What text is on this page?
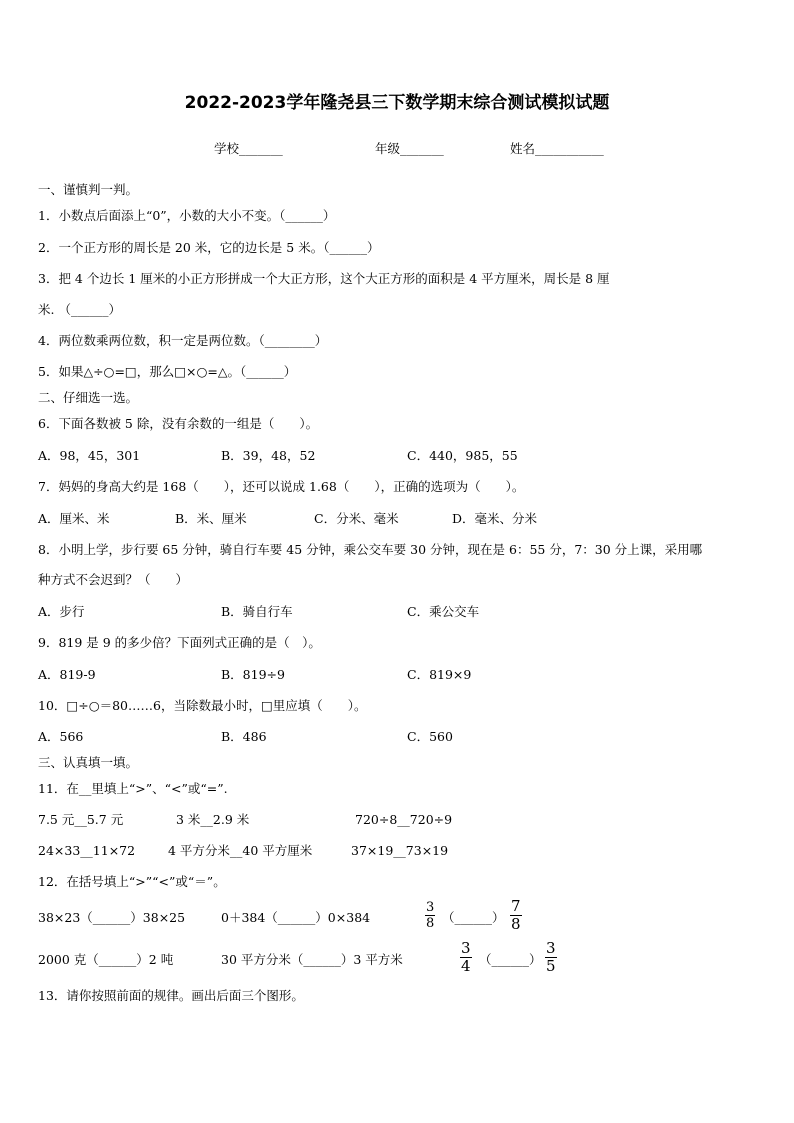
2022-2023学年隆尧县三下数学期末综合测试模拟试题
学校_______	年级_______	姓名___________
一、谨慎判一判。
1．小数点后面添上“0”，小数的大小不变。（______）
2．一个正方形的周长是 20 米，它的边长是 5 米。（______）
3．把 4 个边长 1 厘米的小正方形拼成一个大正方形，这个大正方形的面积是 4 平方厘米，周长是 8 厘
米. （______）
4．两位数乘两位数，积一定是两位数。（________）
5．如果△÷○=□，那么□×○=△。（______）
二、仔细选一选。
6．下面各数被 5 除，没有余数的一组是（　　）。
A．98，45，301	B．39，48，52	C．440，985，55
7．妈妈的身高大约是 168（　　），还可以说成 1.68（　　），正确的选项为（　　）。
A．厘米、米	B．米、厘米	C．分米、毫米	D．毫米、分米
8．小明上学，步行要 65 分钟，骑自行车要 45 分钟，乘公交车要 30 分钟，现在是 6：55 分，7：30 分上课，采用哪
种方式不会迟到？（　　）
A．步行	B．骑自行车	C．乘公交车
9．819 是 9 的多少倍？下面列式正确的是（　）。
A．819-9	B．819÷9	C．819×9
10．□÷○＝80……6，当除数最小时，□里应填（　　）。
A．566	B．486	C．560
三、认真填一填。
11．在__里填上“>”、“<”或“=”.
7.5 元__5.7 元	3 米__2.9 米	720÷8__720÷9
24×33__11×72	4 平方分米__40 平方厘米	37×19__73×19
12．在括号填上“>”“<”或“＝”。
38×23（______）38×25	0＋384（______）0×384	$\frac{3}{8}$ （______） $\frac{7}{8}$
2000 克（______）2 吨	30 平方分米（______）3 平方米	$\frac{3}{4}$ （______） $\frac{3}{5}$
13．请你按照前面的规律。画出后面三个图形。
